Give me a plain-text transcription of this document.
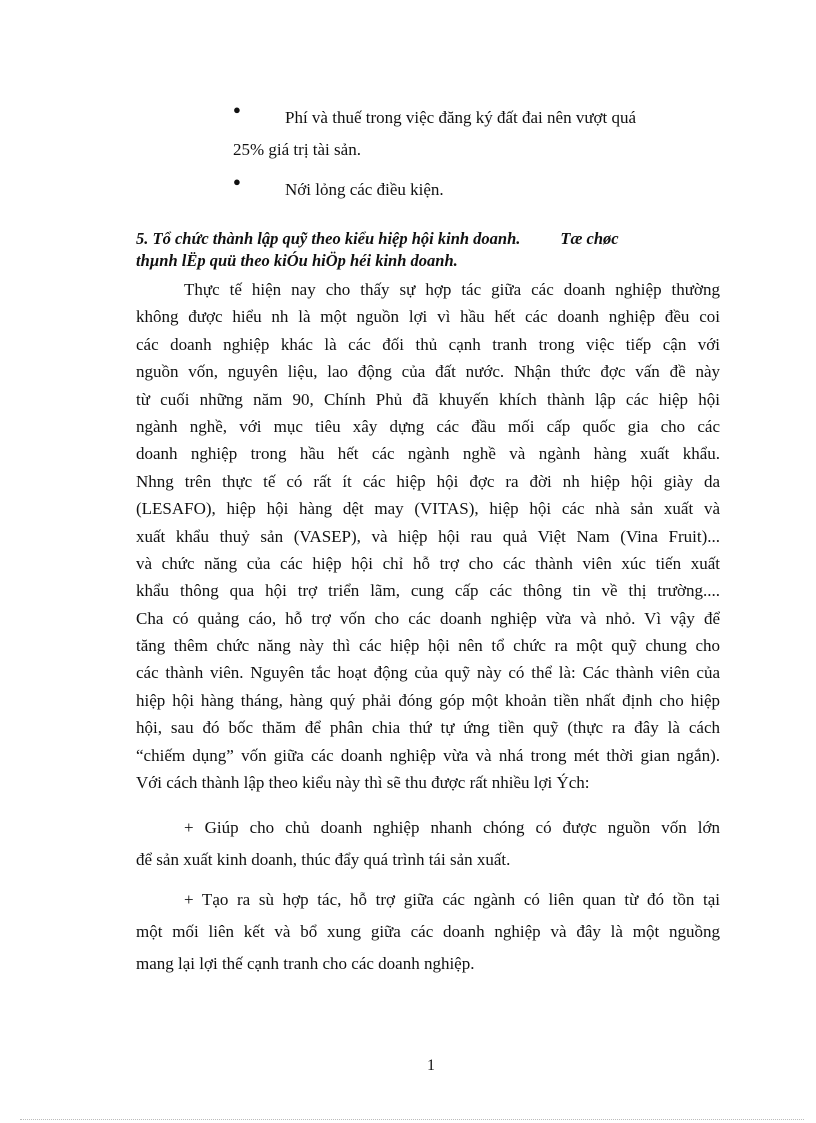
●	Phí và thuế trong việc đăng ký đất đai nên vượt quá
25% giá trị tài sản.
●	Nới lỏng các điều kiện.
5. Tổ chức thành lập quỹ theo kiểu hiệp hội kinh doanh. Tæ chøc
thµnh lËp quü theo kiÓu hiÖp héi kinh doanh.
Thực tế hiện nay cho thấy sự hợp tác giữa các doanh nghiệp thường
không được hiểu nh là một nguồn lợi vì hầu hết các doanh nghiệp đều coi
các doanh nghiệp khác là các đối thủ cạnh tranh trong việc tiếp cận với
nguồn vốn, nguyên liệu, lao động của đất nước. Nhận thức đợc vấn đề này
từ cuối những năm 90, Chính Phủ đã khuyến khích thành lập các hiệp hội
ngành nghề, với mục tiêu xây dựng các đầu mối cấp quốc gia cho các
doanh nghiệp trong hầu hết các ngành nghề và ngành hàng xuất khẩu.
Nhng trên thực tế có rất ít các hiệp hội đợc ra đời nh hiệp hội giày da
(LESAFO), hiệp hội hàng dệt may (VITAS), hiệp hội các nhà sản xuất và
xuất khẩu thuỷ sản (VASEP), và hiệp hội rau quả Việt Nam (Vina Fruit)...
và chức năng của các hiệp hội chỉ hỗ trợ cho các thành viên xúc tiến xuất
khẩu thông qua hội trợ triển lãm, cung cấp các thông tin về thị trường....
Cha có quảng cáo, hỗ trợ vốn cho các doanh nghiệp vừa và nhỏ. Vì vậy để
tăng thêm chức năng này thì các hiệp hội nên tổ chức ra một quỹ chung cho
các thành viên. Nguyên tắc hoạt động của quỹ này có thể là: Các thành viên của
hiệp hội hàng tháng, hàng quý phải đóng góp một khoản tiền nhất định cho hiệp
hội, sau đó bốc thăm để phân chia thứ tự ứng tiền quỹ (thực ra đây là cách
“chiếm dụng” vốn giữa các doanh nghiệp vừa và nhá trong mét thời gian ngắn).
Với cách thành lập theo kiểu này thì sẽ thu được rất nhiều lợi Ých:
+ Giúp cho chủ doanh nghiệp nhanh chóng có được nguồn vốn lớn
để sản xuất kinh doanh, thúc đẩy quá trình tái sản xuất.
+ Tạo ra sù hợp tác, hỗ trợ giữa các ngành có liên quan từ đó tồn tại
một mối liên kết và bổ xung giữa các doanh nghiệp và đây là một nguồng
mang lại lợi thế cạnh tranh cho các doanh nghiệp.
1
